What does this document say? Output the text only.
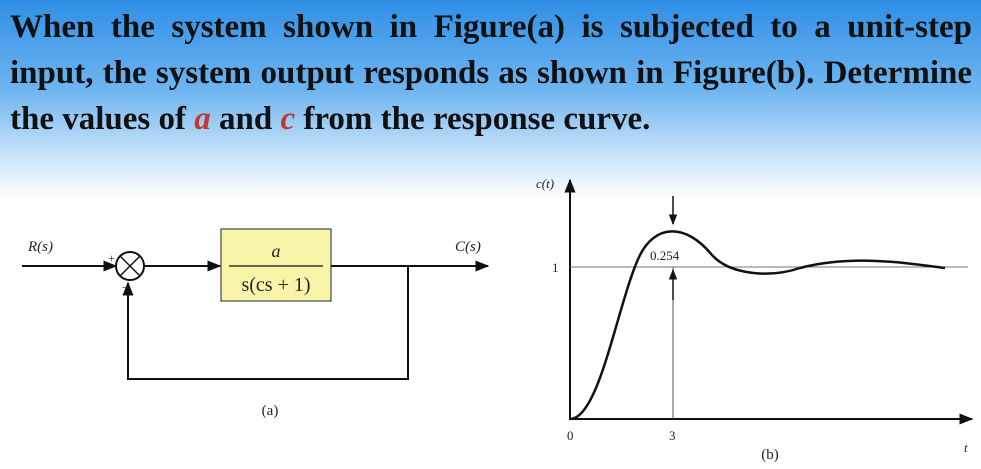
When the system shown in Figure(a) is subjected to a unit-step input, the system output responds as shown in Figure(b). Determine the values of a and c from the response curve.

R(s)
+
−
a
s(cs + 1)
C(s)
(a)
c(t)
t
1
0	3
0.254
(b)
